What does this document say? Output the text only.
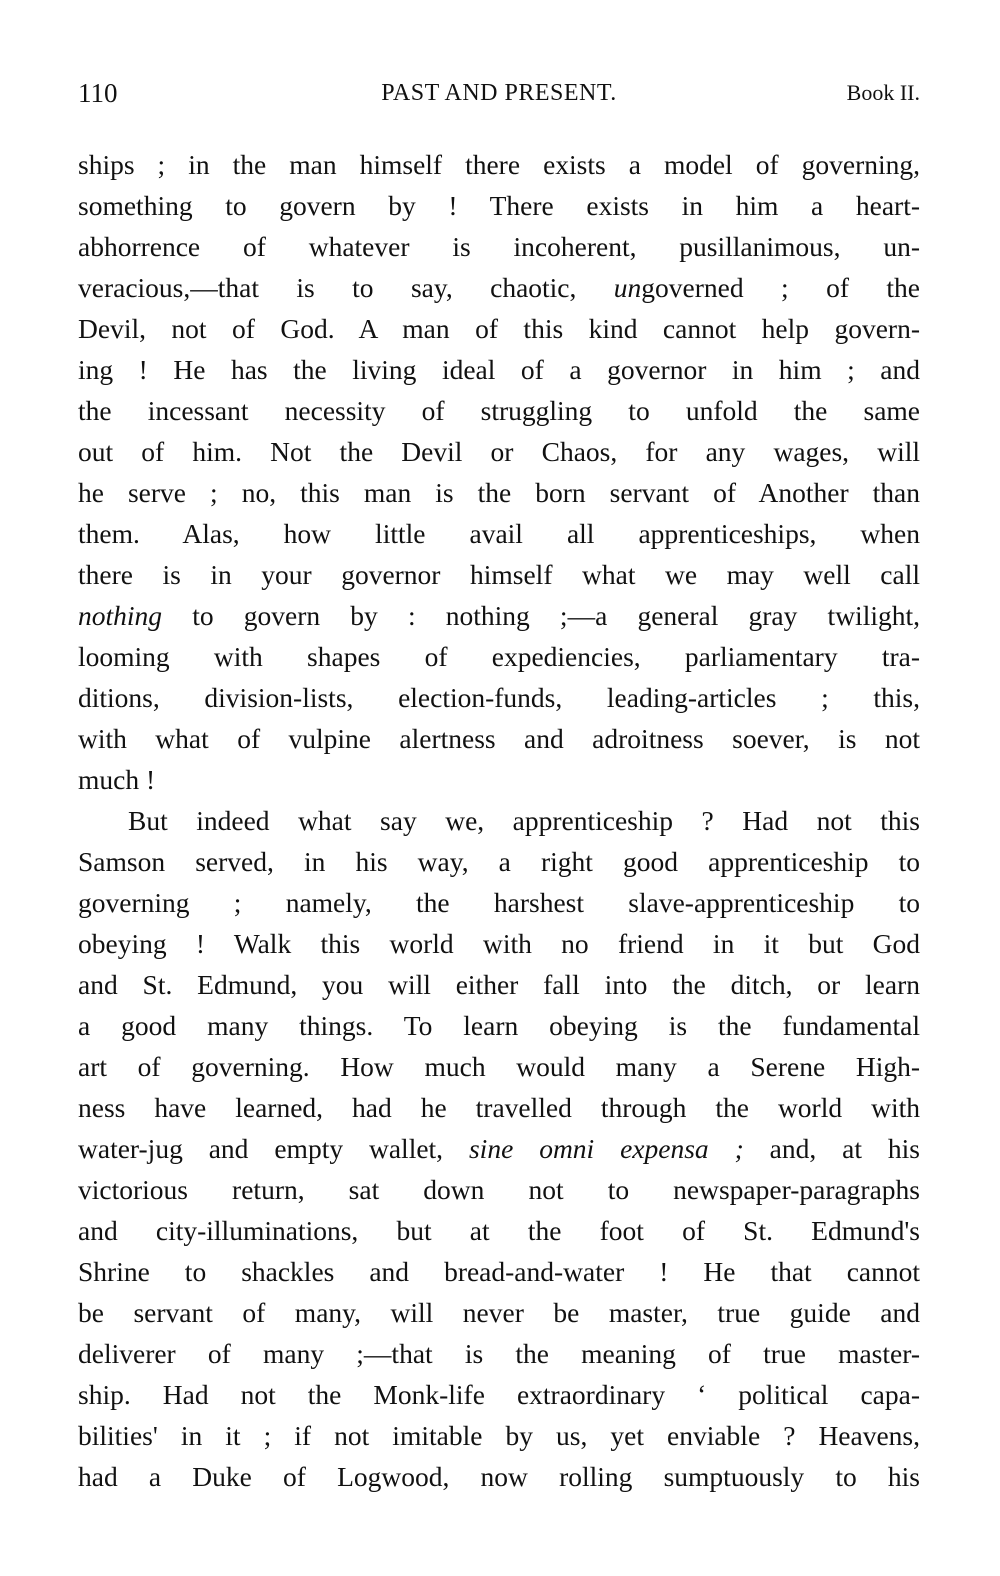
110	PAST AND PRESENT.	Book II.
ships ; in the man himself there exists a model of governing,
something to govern by ! There exists in him a heart-
abhorrence of whatever is incoherent, pusillanimous, un-
veracious,—that is to say, chaotic, ungoverned ; of the
Devil, not of God. A man of this kind cannot help govern-
ing ! He has the living ideal of a governor in him ; and
the incessant necessity of struggling to unfold the same
out of him. Not the Devil or Chaos, for any wages, will
he serve ; no, this man is the born servant of Another than
them. Alas, how little avail all apprenticeships, when
there is in your governor himself what we may well call
nothing to govern by : nothing ;—a general gray twilight,
looming with shapes of expediencies, parliamentary tra-
ditions, division-lists, election-funds, leading-articles ; this,
with what of vulpine alertness and adroitness soever, is not
much !
But indeed what say we, apprenticeship ? Had not this
Samson served, in his way, a right good apprenticeship to
governing ; namely, the harshest slave-apprenticeship to
obeying ! Walk this world with no friend in it but God
and St. Edmund, you will either fall into the ditch, or learn
a good many things. To learn obeying is the fundamental
art of governing. How much would many a Serene High-
ness have learned, had he travelled through the world with
water-jug and empty wallet, sine omni expensa ; and, at his
victorious return, sat down not to newspaper-paragraphs
and city-illuminations, but at the foot of St. Edmund's
Shrine to shackles and bread-and-water ! He that cannot
be servant of many, will never be master, true guide and
deliverer of many ;—that is the meaning of true master-
ship. Had not the Monk-life extraordinary ‘ political capa-
bilities' in it ; if not imitable by us, yet enviable ? Heavens,
had a Duke of Logwood, now rolling sumptuously to his
